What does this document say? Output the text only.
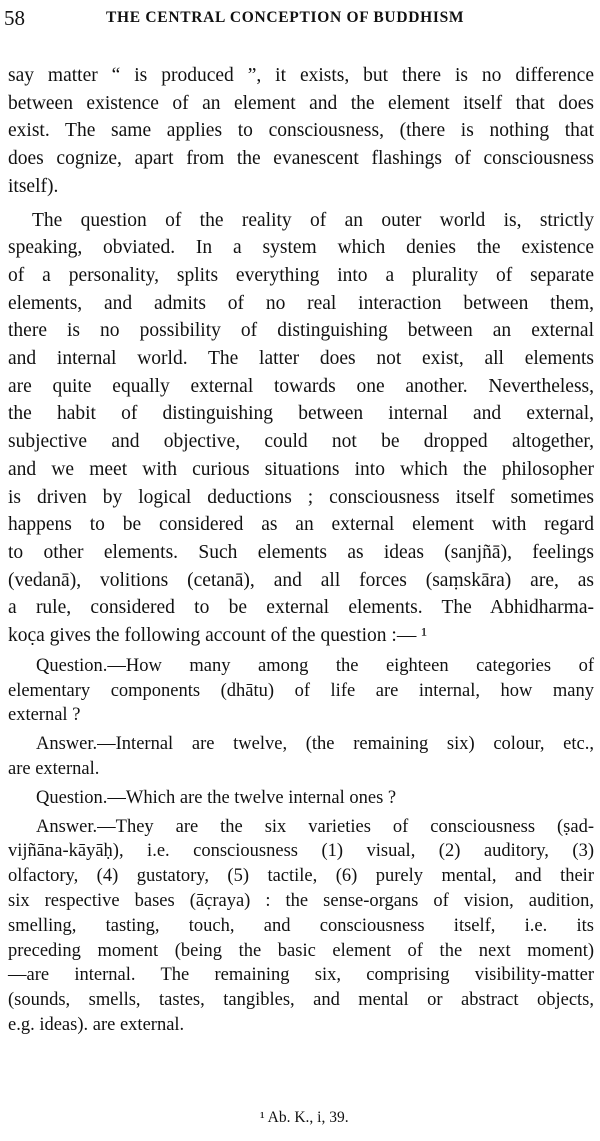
58	THE CENTRAL CONCEPTION OF BUDDHISM
say matter “ is produced ”, it exists, but there is no difference
between existence of an element and the element itself that does
exist. The same applies to consciousness, (there is nothing that
does cognize, apart from the evanescent flashings of consciousness
itself).
The question of the reality of an outer world is, strictly
speaking, obviated. In a system which denies the existence
of a personality, splits everything into a plurality of separate
elements, and admits of no real interaction between them,
there is no possibility of distinguishing between an external
and internal world. The latter does not exist, all elements
are quite equally external towards one another. Nevertheless,
the habit of distinguishing between internal and external,
subjective and objective, could not be dropped altogether,
and we meet with curious situations into which the philosopher
is driven by logical deductions ; consciousness itself sometimes
happens to be considered as an external element with regard
to other elements. Such elements as ideas (sanjñā), feelings
(vedanā), volitions (cetanā), and all forces (saṃskāra) are, as
a rule, considered to be external elements. The Abhidharma-
koc̣a gives the following account of the question :— ¹
Question.—How many among the eighteen categories of
elementary components (dhātu) of life are internal, how many
external ?
Answer.—Internal are twelve, (the remaining six) colour, etc.,
are external.
Question.—Which are the twelve internal ones ?
Answer.—They are the six varieties of consciousness (ṣad-
vijñāna-kāyāḥ), i.e. consciousness (1) visual, (2) auditory, (3)
olfactory, (4) gustatory, (5) tactile, (6) purely mental, and their
six respective bases (āc̣raya) : the sense-organs of vision, audition,
smelling, tasting, touch, and consciousness itself, i.e. its
preceding moment (being the basic element of the next moment)
—are internal. The remaining six, comprising visibility-matter
(sounds, smells, tastes, tangibles, and mental or abstract objects,
e.g. ideas). are external.
¹ Ab. K., i, 39.
